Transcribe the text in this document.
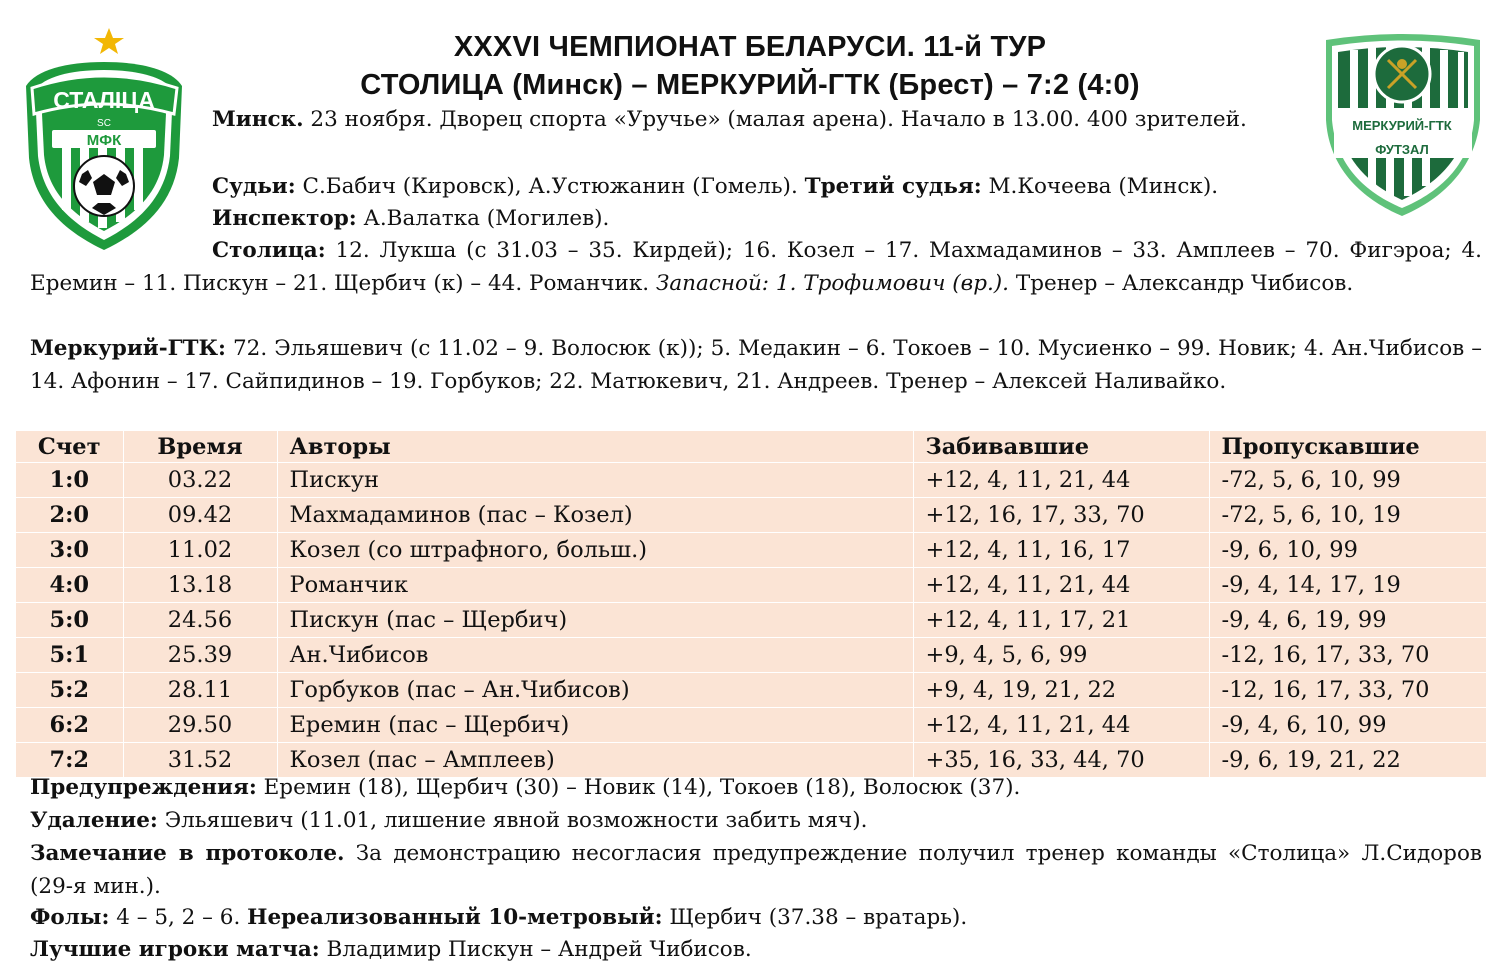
СТАЛIЦА
SC
МФК
МЕРКУРИЙ-ГТК
ФУТЗАЛ
XXXVI ЧЕМПИОНАТ БЕЛАРУСИ. 11-й ТУР
СТОЛИЦА (Минск) – МЕРКУРИЙ-ГТК (Брест) – 7:2 (4:0)
Минск. 23 ноября. Дворец спорта «Уручье» (малая арена). Начало в 13.00. 400 зрителей.
Судьи: С.Бабич (Кировск), А.Устюжанин (Гомель). Третий судья: М.Кочеева (Минск).
Инспектор: А.Валатка (Могилев).
Столица: 12. Лукша (с 31.03 – 35. Кирдей); 16. Козел – 17. Махмадаминов – 33. Амплеев – 70. Фигэроа; 4. Еремин – 11. Пискун – 21. Щербич (к) – 44. Романчик. Запасной: 1. Трофимович (вр.). Тренер – Александр Чибисов.
Меркурий-ГТК: 72. Эльяшевич (с 11.02 – 9. Волосюк (к)); 5. Медакин – 6. Токоев – 10. Мусиенко – 99. Новик; 4. Ан.Чибисов – 14. Афонин – 17. Сайпидинов – 19. Горбуков; 22. Матюкевич, 21. Андреев. Тренер – Алексей Наливайко.
Счет	Время	Авторы	Забивавшие	Пропускавшие
1:0	03.22	Пискун	+12, 4, 11, 21, 44	-72, 5, 6, 10, 99
2:0	09.42	Махмадаминов (пас – Козел)	+12, 16, 17, 33, 70	-72, 5, 6, 10, 19
3:0	11.02	Козел (со штрафного, больш.)	+12, 4, 11, 16, 17	-9, 6, 10, 99
4:0	13.18	Романчик	+12, 4, 11, 21, 44	-9, 4, 14, 17, 19
5:0	24.56	Пискун (пас – Щербич)	+12, 4, 11, 17, 21	-9, 4, 6, 19, 99
5:1	25.39	Ан.Чибисов	+9, 4, 5, 6, 99	-12, 16, 17, 33, 70
5:2	28.11	Горбуков (пас – Ан.Чибисов)	+9, 4, 19, 21, 22	-12, 16, 17, 33, 70
6:2	29.50	Еремин (пас – Щербич)	+12, 4, 11, 21, 44	-9, 4, 6, 10, 99
7:2	31.52	Козел (пас – Амплеев)	+35, 16, 33, 44, 70	-9, 6, 19, 21, 22
Предупреждения: Еремин (18), Щербич (30) – Новик (14), Токоев (18), Волосюк (37).
Удаление: Эльяшевич (11.01, лишение явной возможности забить мяч).
Замечание в протоколе. За демонстрацию несогласия предупреждение получил тренер команды «Столица» Л.Сидоров (29-я мин.).
Фолы: 4 – 5, 2 – 6. Нереализованный 10-метровый: Щербич (37.38 – вратарь).
Лучшие игроки матча: Владимир Пискун – Андрей Чибисов.
